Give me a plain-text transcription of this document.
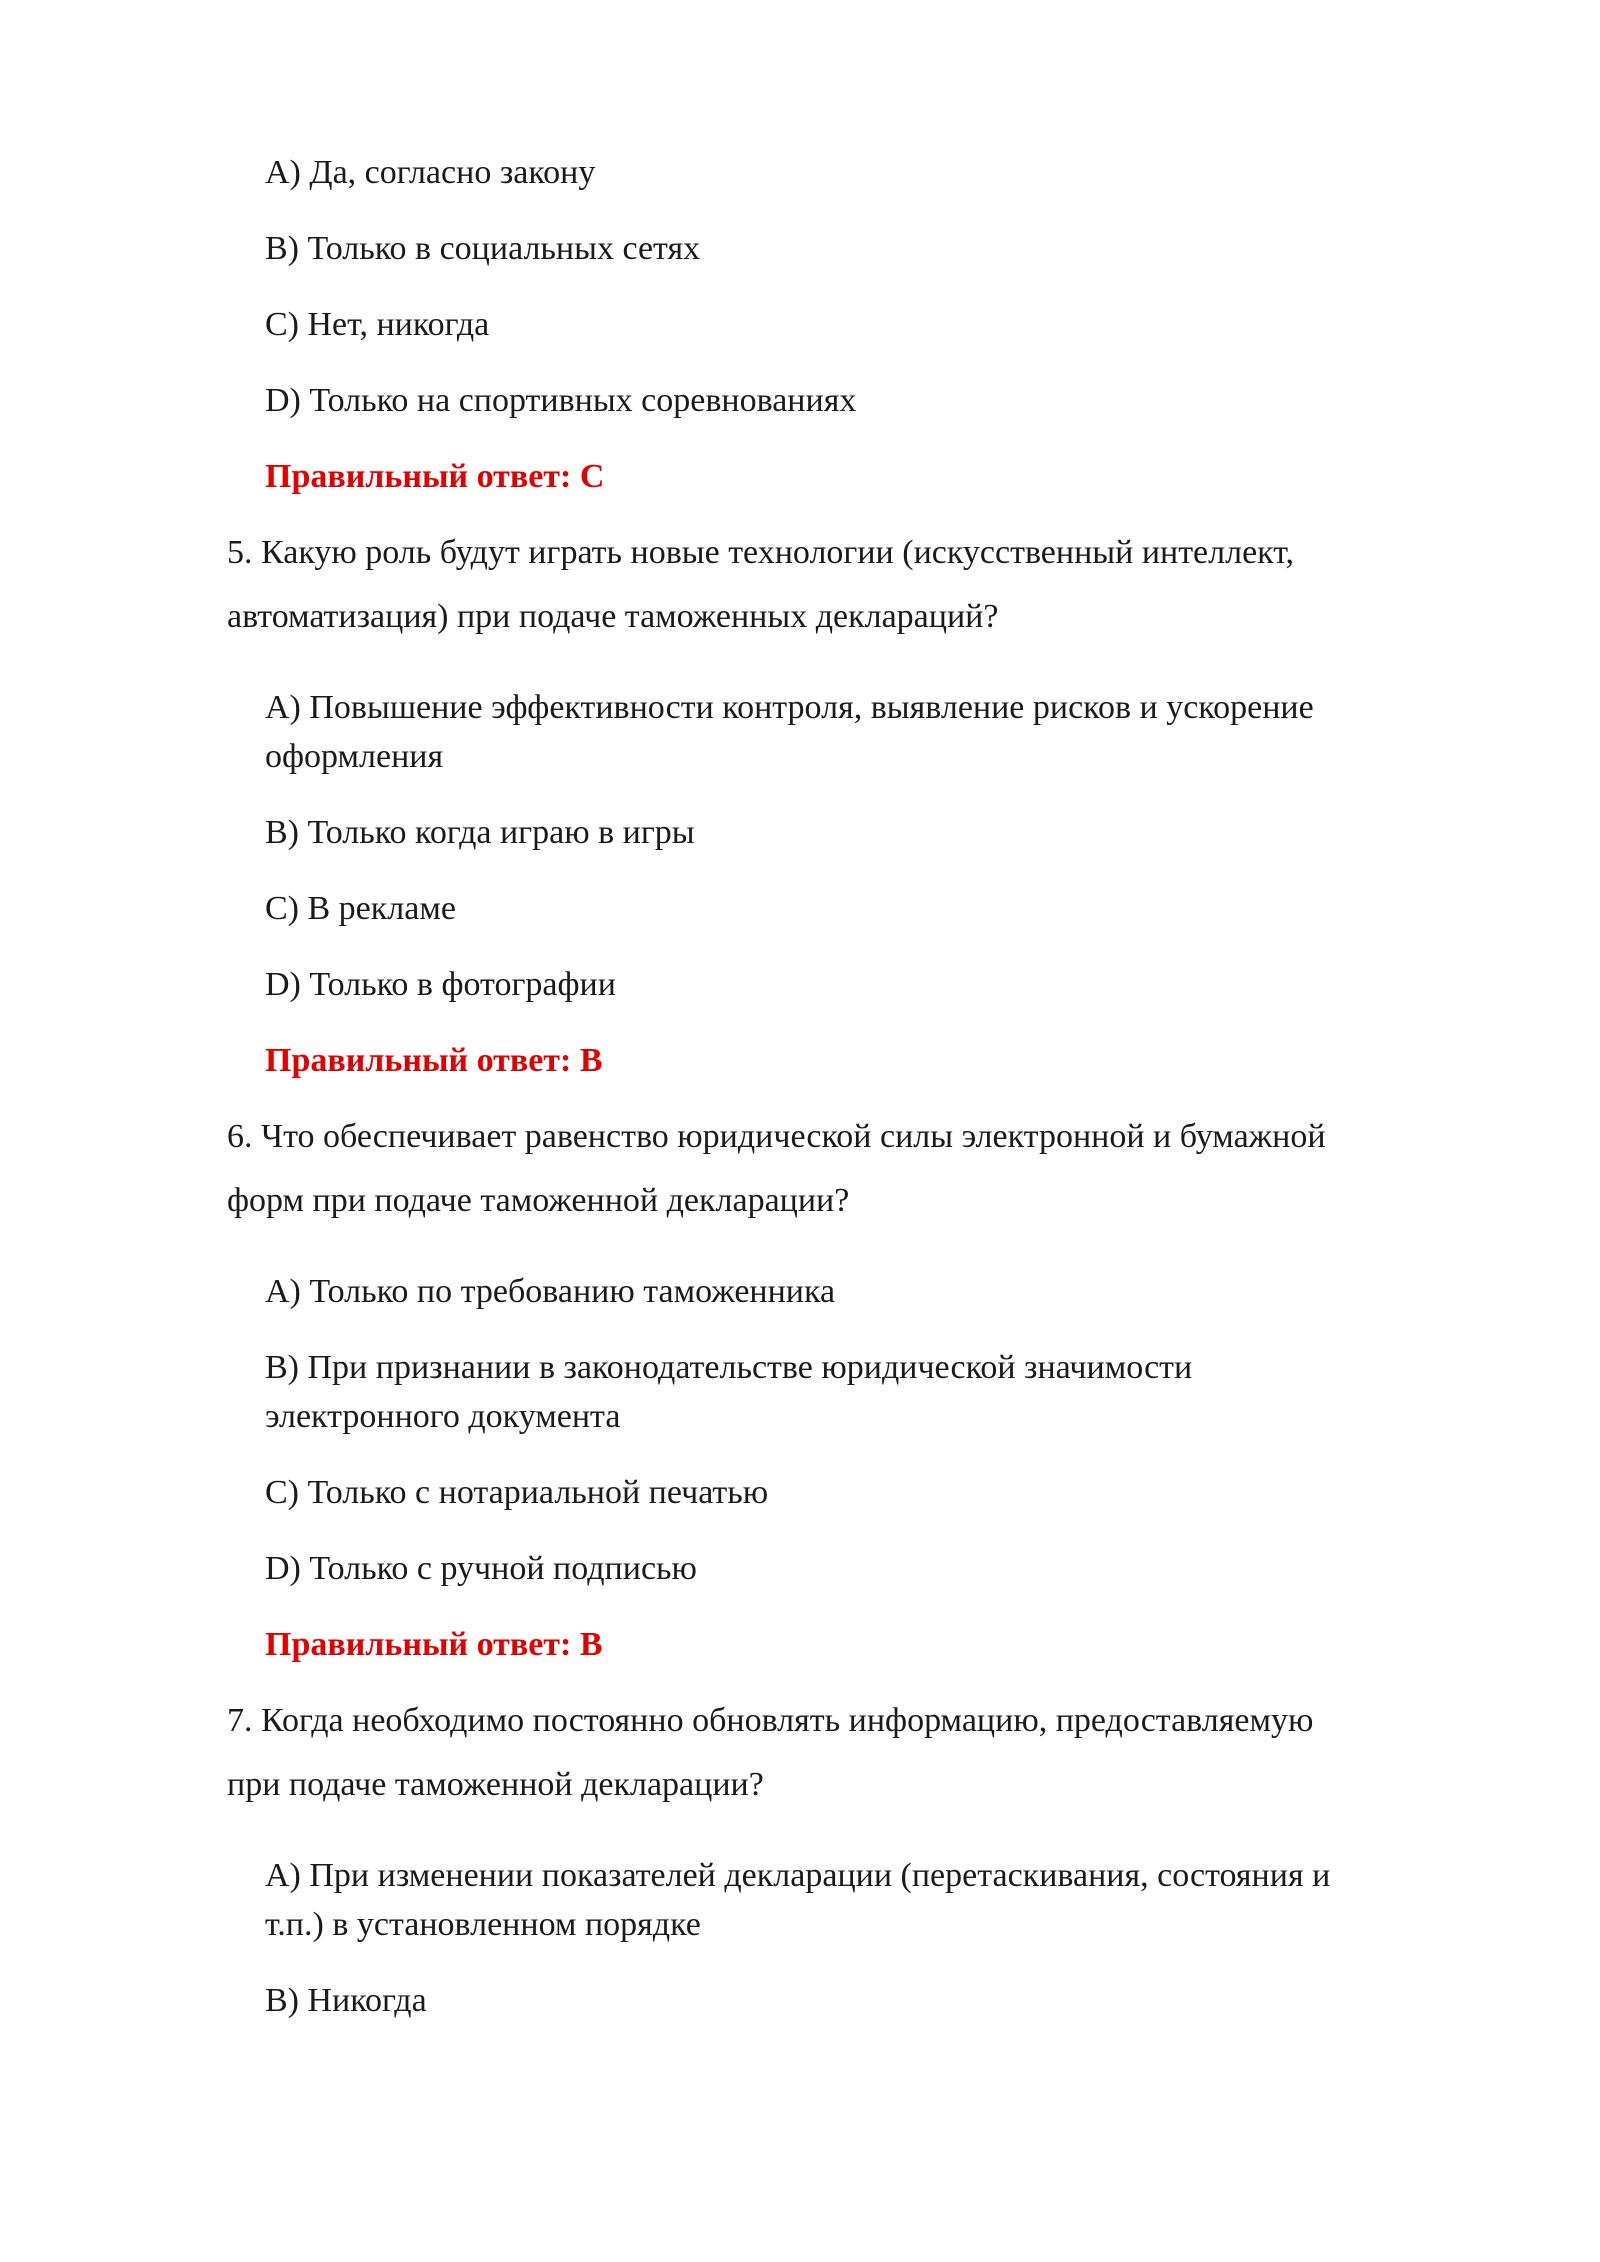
A) Да, согласно закону
B) Только в социальных сетях
C) Нет, никогда
D) Только на спортивных соревнованиях
Правильный ответ: C
5. Какую роль будут играть новые технологии (искусственный интеллект,
автоматизация) при подаче таможенных деклараций?
A) Повышение эффективности контроля, выявление рисков и ускорение
оформления
B) Только когда играю в игры
C) В рекламе
D) Только в фотографии
Правильный ответ: B
6. Что обеспечивает равенство юридической силы электронной и бумажной
форм при подаче таможенной декларации?
A) Только по требованию таможенника
B) При признании в законодательстве юридической значимости
электронного документа
C) Только с нотариальной печатью
D) Только с ручной подписью
Правильный ответ: B
7. Когда необходимо постоянно обновлять информацию, предоставляемую
при подаче таможенной декларации?
A) При изменении показателей декларации (перетаскивания, состояния и
т.п.) в установленном порядке
B) Никогда
